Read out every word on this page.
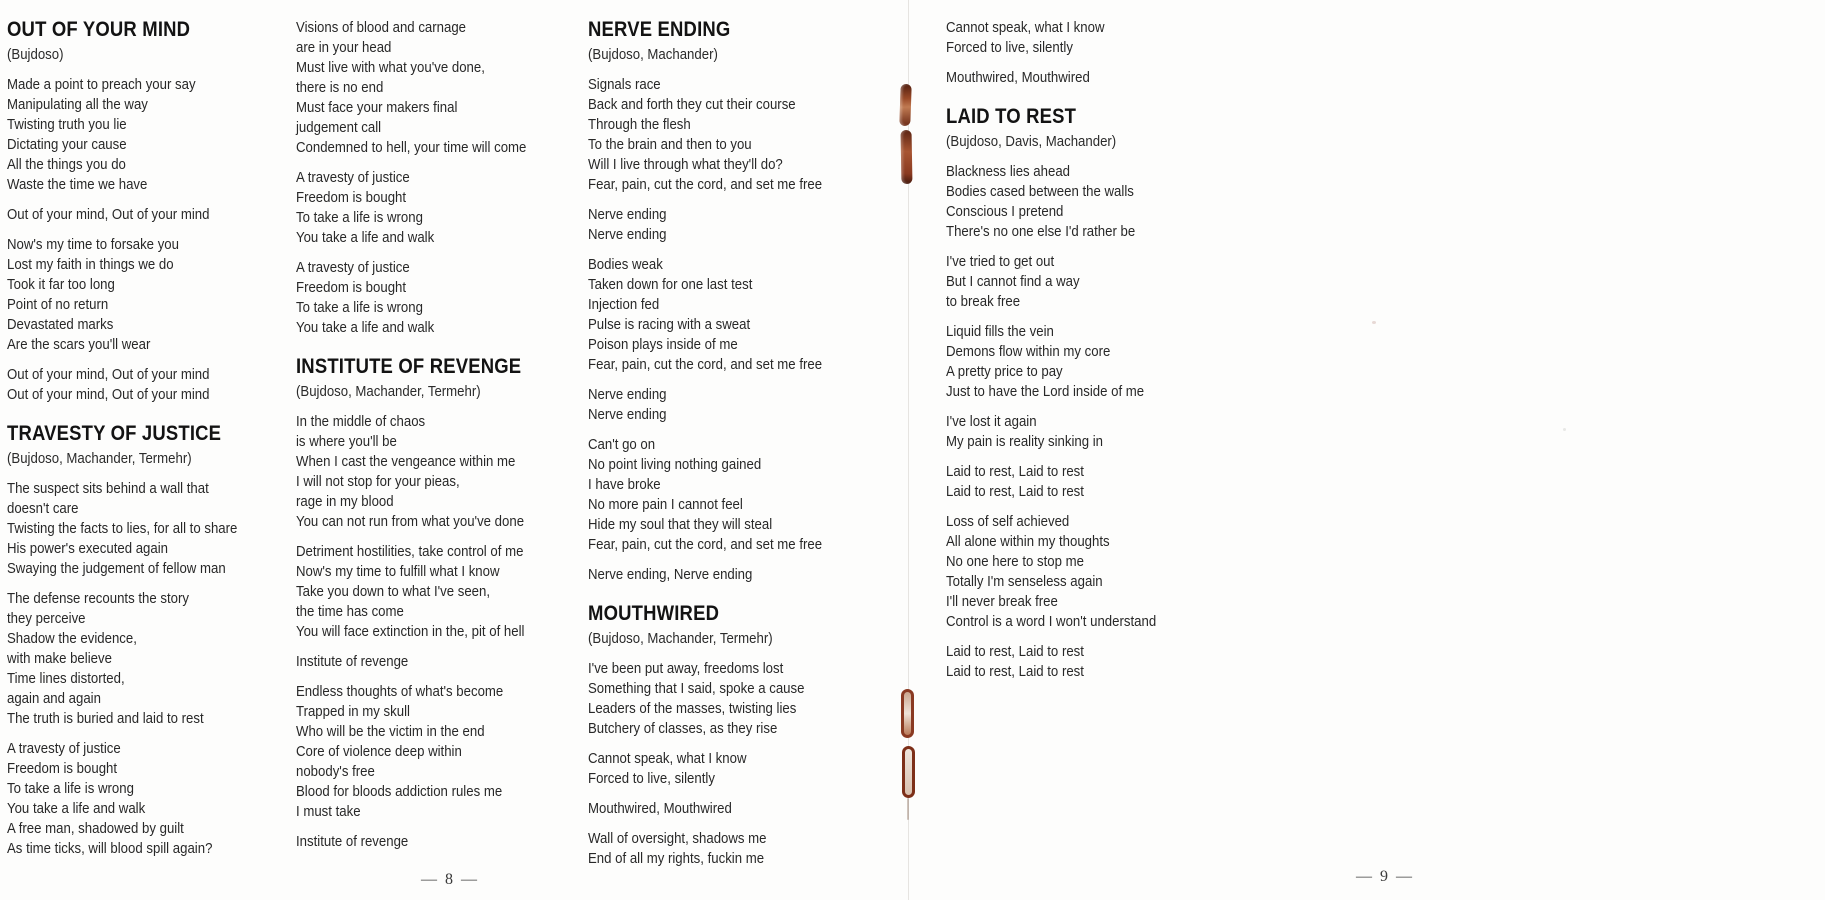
OUT OF YOUR MIND
(Bujdoso)
Made a point to preach your say
Manipulating all the way
Twisting truth you lie
Dictating your cause
All the things you do
Waste the time we have
Out of your mind, Out of your mind
Now's my time to forsake you
Lost my faith in things we do
Took it far too long
Point of no return
Devastated marks
Are the scars you'll wear
Out of your mind, Out of your mind
Out of your mind, Out of your mind
TRAVESTY OF JUSTICE
(Bujdoso, Machander, Termehr)
The suspect sits behind a wall that
doesn't care
Twisting the facts to lies, for all to share
His power's executed again
Swaying the judgement of fellow man
The defense recounts the story
they perceive
Shadow the evidence,
with make believe
Time lines distorted,
again and again
The truth is buried and laid to rest
A travesty of justice
Freedom is bought
To take a life is wrong
You take a life and walk
A free man, shadowed by guilt
As time ticks, will blood spill again?
Visions of blood and carnage
are in your head
Must live with what you've done,
there is no end
Must face your makers final
judgement call
Condemned to hell, your time will come
A travesty of justice
Freedom is bought
To take a life is wrong
You take a life and walk
A travesty of justice
Freedom is bought
To take a life is wrong
You take a life and walk
INSTITUTE OF REVENGE
(Bujdoso, Machander, Termehr)
In the middle of chaos
is where you'll be
When I cast the vengeance within me
I will not stop for your pieas,
rage in my blood
You can not run from what you've done
Detriment hostilities, take control of me
Now's my time to fulfill what I know
Take you down to what I've seen,
the time has come
You will face extinction in the, pit of hell
Institute of revenge
Endless thoughts of what's become
Trapped in my skull
Who will be the victim in the end
Core of violence deep within
nobody's free
Blood for bloods addiction rules me
I must take
Institute of revenge
NERVE ENDING
(Bujdoso, Machander)
Signals race
Back and forth they cut their course
Through the flesh
To the brain and then to you
Will I live through what they'll do?
Fear, pain, cut the cord, and set me free
Nerve ending
Nerve ending
Bodies weak
Taken down for one last test
Injection fed
Pulse is racing with a sweat
Poison plays inside of me
Fear, pain, cut the cord, and set me free
Nerve ending
Nerve ending
Can't go on
No point living nothing gained
I have broke
No more pain I cannot feel
Hide my soul that they will steal
Fear, pain, cut the cord, and set me free
Nerve ending, Nerve ending
MOUTHWIRED
(Bujdoso, Machander, Termehr)
I've been put away, freedoms lost
Something that I said, spoke a cause
Leaders of the masses, twisting lies
Butchery of classes, as they rise
Cannot speak, what I know
Forced to live, silently
Mouthwired, Mouthwired
Wall of oversight, shadows me
End of all my rights, fuckin me
Cannot speak, what I know
Forced to live, silently
Mouthwired, Mouthwired
LAID TO REST
(Bujdoso, Davis, Machander)
Blackness lies ahead
Bodies cased between the walls
Conscious I pretend
There's no one else I'd rather be
I've tried to get out
But I cannot find a way
to break free
Liquid fills the vein
Demons flow within my core
A pretty price to pay
Just to have the Lord inside of me
I've lost it again
My pain is reality sinking in
Laid to rest, Laid to rest
Laid to rest, Laid to rest
Loss of self achieved
All alone within my thoughts
No one here to stop me
Totally I'm senseless again
I'll never break free
Control is a word I won't understand
Laid to rest, Laid to rest
Laid to rest, Laid to rest
— 8 —	— 9 —
